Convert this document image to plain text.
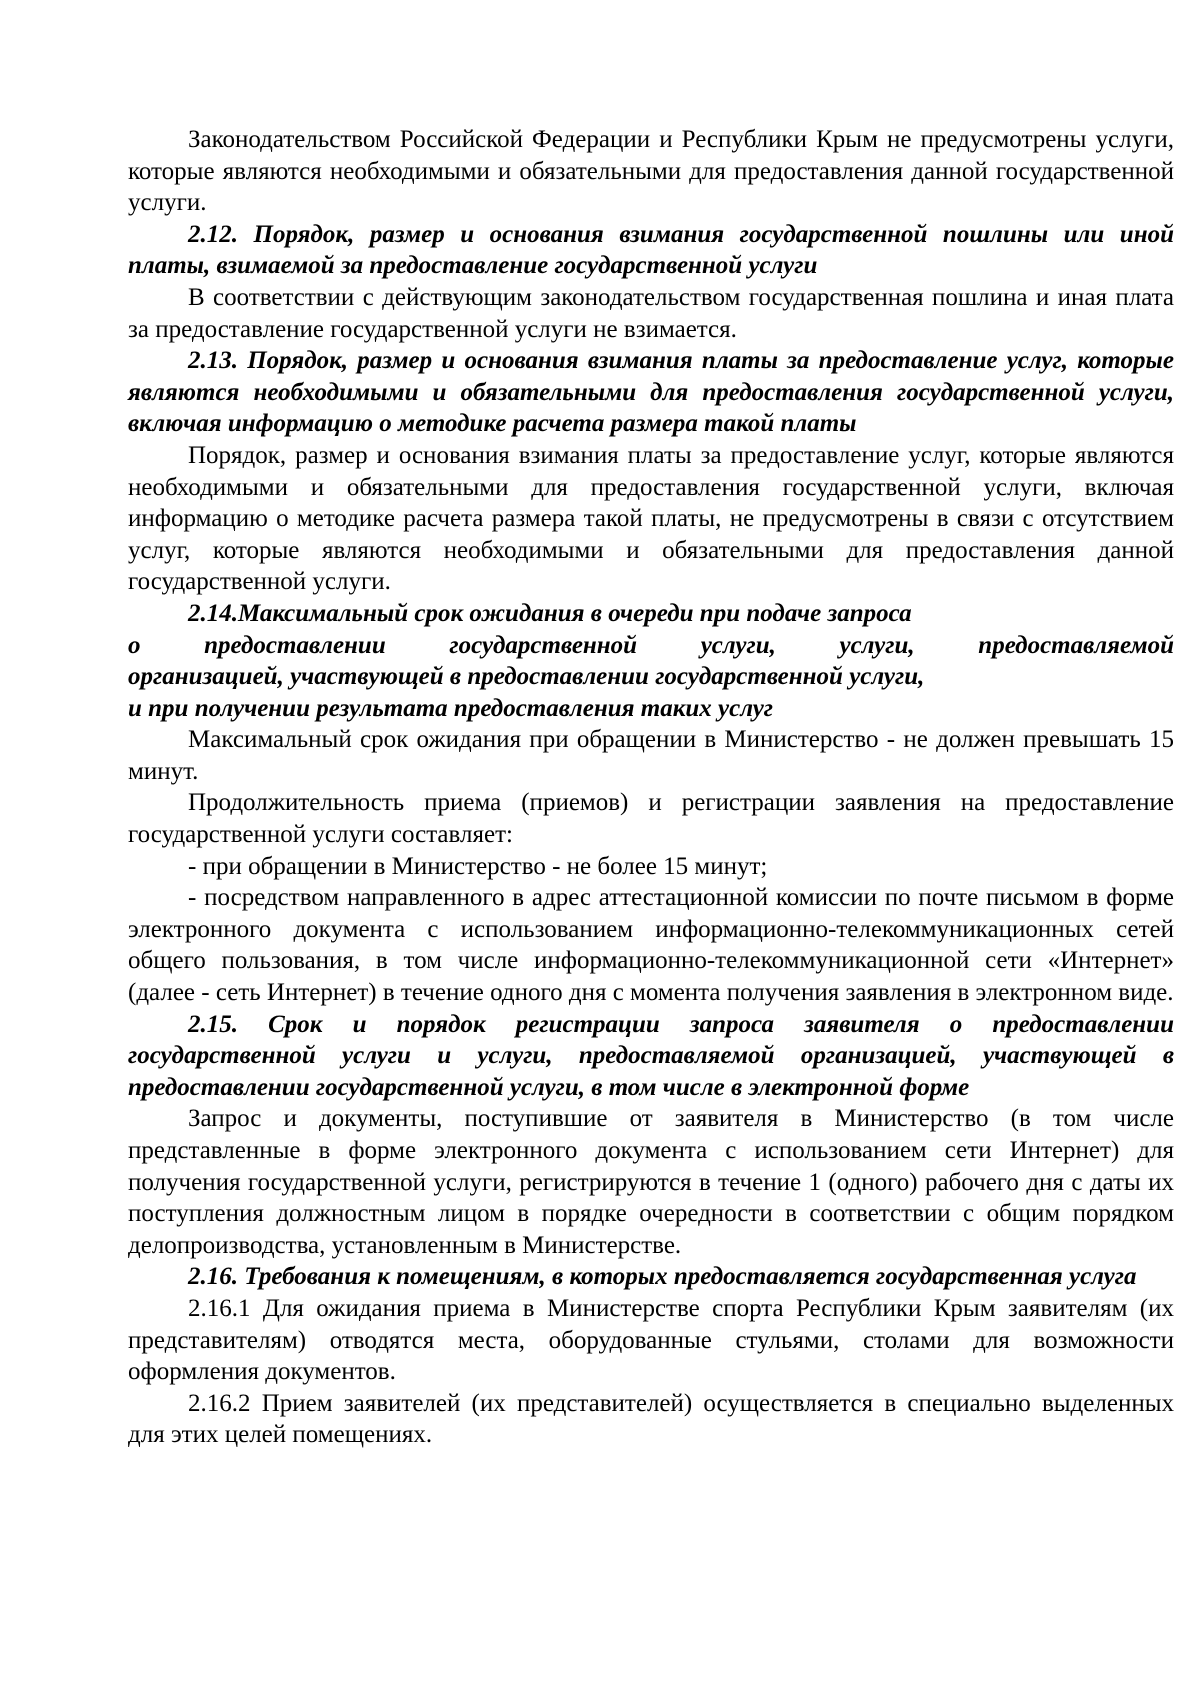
Законодательством Российской Федерации и Республики Крым не предусмотрены услуги, которые являются необходимыми и обязательными для предоставления данной государственной услуги.

2.12. Порядок, размер и основания взимания государственной пошлины или иной платы, взимаемой за предоставление государственной услуги

В соответствии с действующим законодательством государственная пошлина и иная плата за предоставление государственной услуги не взимается.

2.13. Порядок, размер и основания взимания платы за предоставление услуг, которые являются необходимыми и обязательными для предоставления государственной услуги, включая информацию о методике расчета размера такой платы

Порядок, размер и основания взимания платы за предоставление услуг, которые являются необходимыми и обязательными для предоставления государственной услуги, включая информацию о методике расчета размера такой платы, не предусмотрены в связи с отсутствием услуг, которые являются необходимыми и обязательными для предоставления данной государственной услуги.

2.14.Максимальный срок ожидания в очереди при подаче запроса
о предоставлении государственной услуги, услуги, предоставляемой
организацией, участвующей в предоставлении государственной услуги,
и при получении результата предоставления таких услуг

Максимальный срок ожидания при обращении в Министерство - не должен превышать 15 минут.

Продолжительность приема (приемов) и регистрации заявления на предоставление государственной услуги составляет:

- при обращении в Министерство - не более 15 минут;

- посредством направленного в адрес аттестационной комиссии по почте письмом в форме электронного документа с использованием информационно-телекоммуникационных сетей общего пользования, в том числе информационно-телекоммуникационной сети «Интернет» (далее - сеть Интернет) в течение одного дня с момента получения заявления в электронном виде.

2.15. Срок и порядок регистрации запроса заявителя о предоставлении государственной услуги и услуги, предоставляемой организацией, участвующей в предоставлении государственной услуги, в том числе в электронной форме

Запрос и документы, поступившие от заявителя в Министерство (в том числе представленные в форме электронного документа с использованием сети Интернет) для получения государственной услуги, регистрируются в течение 1 (одного) рабочего дня с даты их поступления должностным лицом в порядке очередности в соответствии с общим порядком делопроизводства, установленным в Министерстве.

2.16. Требования к помещениям, в которых предоставляется государственная услуга

2.16.1 Для ожидания приема в Министерстве спорта Республики Крым заявителям (их представителям) отводятся места, оборудованные стульями, столами для возможности оформления документов.

2.16.2 Прием заявителей (их представителей) осуществляется в специально выделенных для этих целей помещениях.
